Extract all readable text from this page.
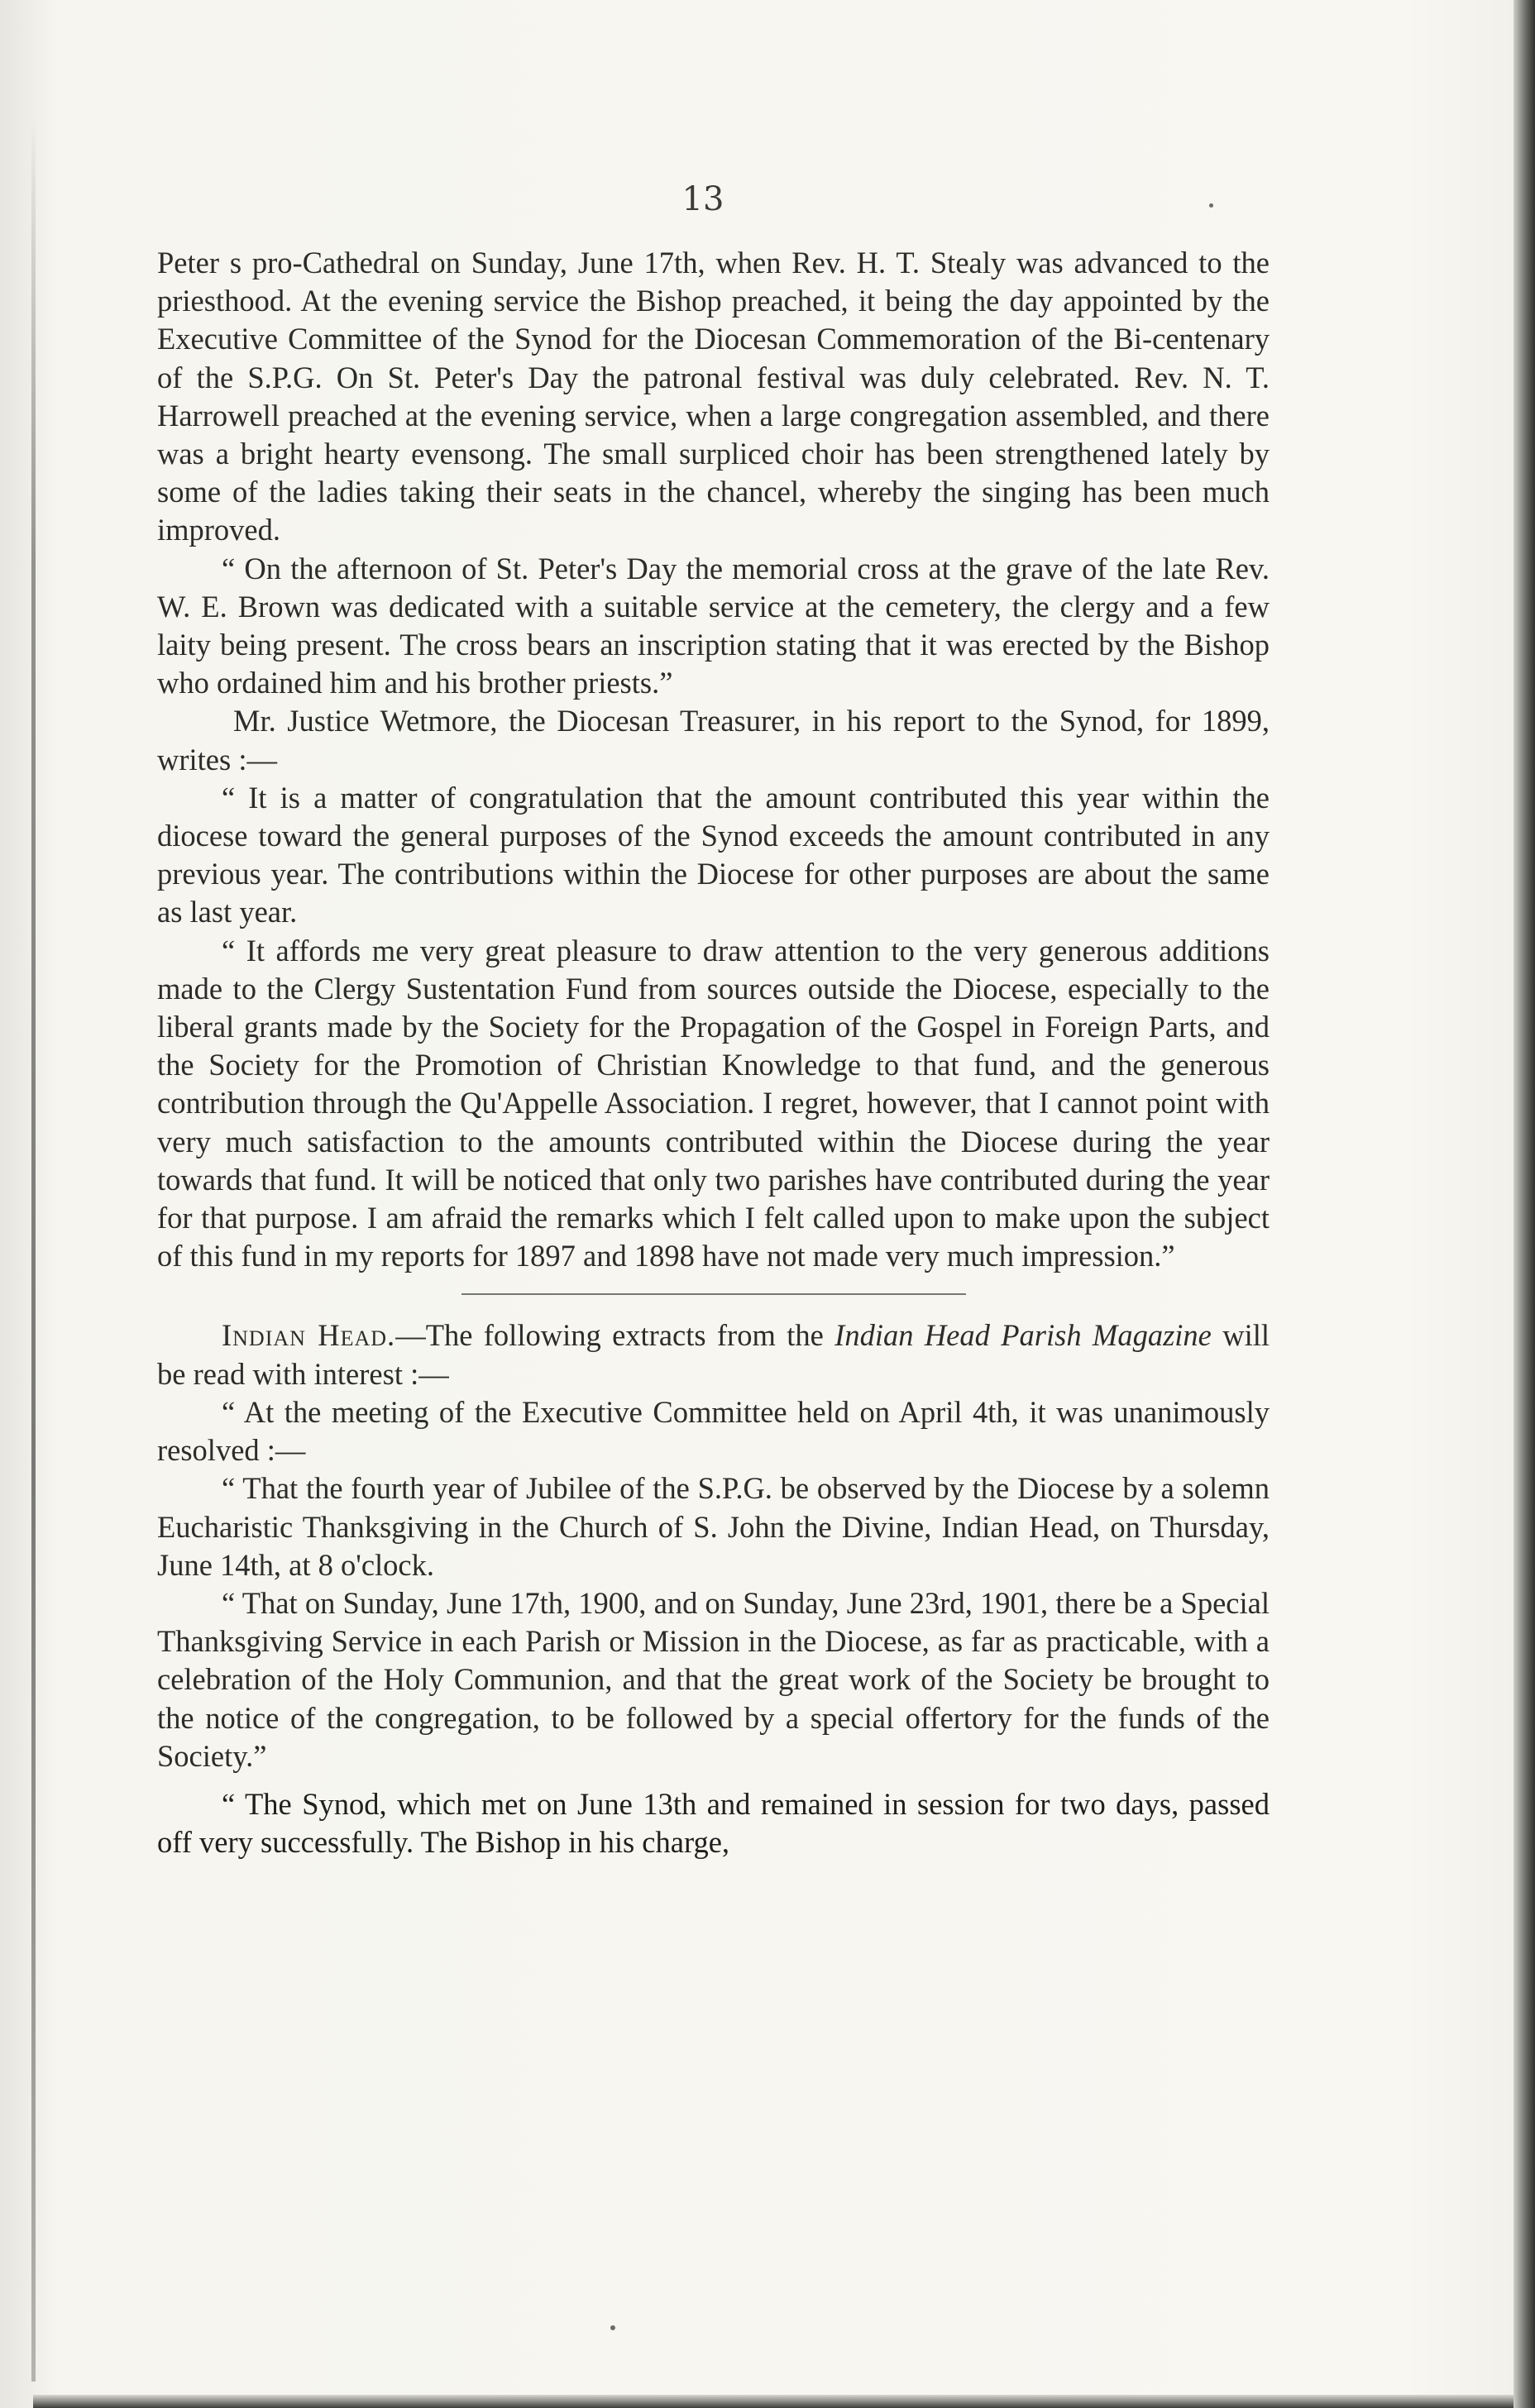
13

Peter s pro-Cathedral on Sunday, June 17th, when Rev. H. T. Stealy was advanced to the priesthood. At the evening service the Bishop preached, it being the day appointed by the Executive Committee of the Synod for the Diocesan Commemoration of the Bi-centenary of the S.P.G. On St. Peter's Day the patronal festival was duly celebrated. Rev. N. T. Harrowell preached at the evening service, when a large congregation assembled, and there was a bright hearty evensong. The small surpliced choir has been strengthened lately by some of the ladies taking their seats in the chancel, whereby the singing has been much improved.

“ On the afternoon of St. Peter's Day the memorial cross at the grave of the late Rev. W. E. Brown was dedicated with a suitable service at the cemetery, the clergy and a few laity being present. The cross bears an inscription stating that it was erected by the Bishop who ordained him and his brother priests.”

Mr. Justice Wetmore, the Diocesan Treasurer, in his report to the Synod, for 1899, writes :—

“ It is a matter of congratulation that the amount contributed this year within the diocese toward the general purposes of the Synod exceeds the amount contributed in any previous year. The contributions within the Diocese for other purposes are about the same as last year.

“ It affords me very great pleasure to draw attention to the very generous additions made to the Clergy Sustentation Fund from sources outside the Diocese, especially to the liberal grants made by the Society for the Propagation of the Gospel in Foreign Parts, and the Society for the Promotion of Christian Knowledge to that fund, and the generous contribution through the Qu'Appelle Association. I regret, however, that I cannot point with very much satisfaction to the amounts contributed within the Diocese during the year towards that fund. It will be noticed that only two parishes have contributed during the year for that purpose. I am afraid the remarks which I felt called upon to make upon the subject of this fund in my reports for 1897 and 1898 have not made very much impression.”

Indian Head.—The following extracts from the Indian Head Parish Magazine will be read with interest :—

“ At the meeting of the Executive Committee held on April 4th, it was unanimously resolved :—

“ That the fourth year of Jubilee of the S.P.G. be observed by the Diocese by a solemn Eucharistic Thanksgiving in the Church of S. John the Divine, Indian Head, on Thursday, June 14th, at 8 o'clock.

“ That on Sunday, June 17th, 1900, and on Sunday, June 23rd, 1901, there be a Special Thanksgiving Service in each Parish or Mission in the Diocese, as far as practicable, with a celebration of the Holy Communion, and that the great work of the Society be brought to the notice of the congregation, to be followed by a special offertory for the funds of the Society.”

“ The Synod, which met on June 13th and remained in session for two days, passed off very successfully. The Bishop in his charge,
